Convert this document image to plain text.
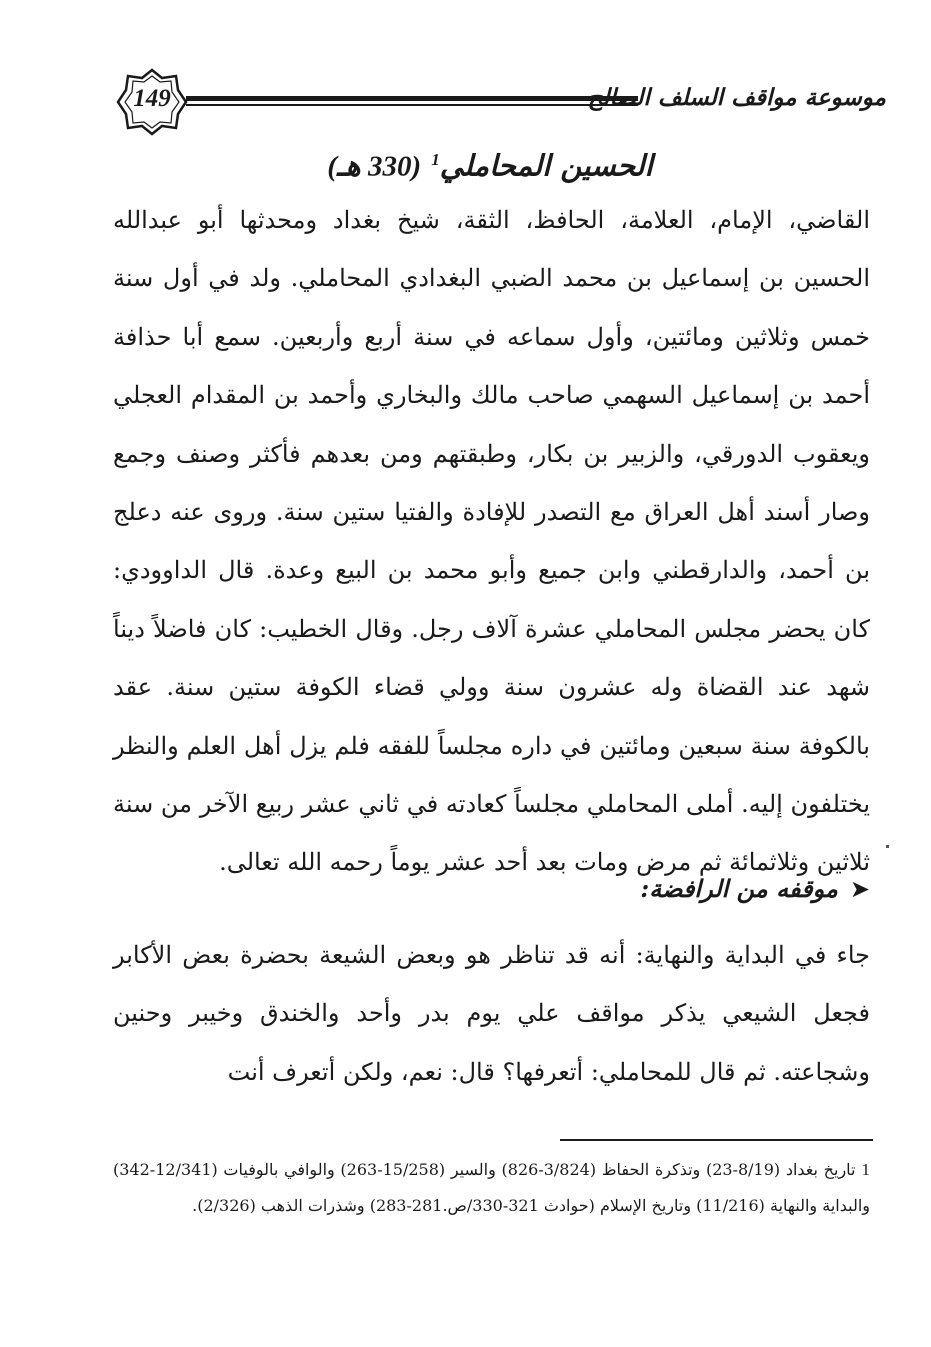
149	موسوعة مواقف السلف الصالح
الحسين المحاملي$^1$ (330 هـ)
القاضي، الإمام، العلامة، الحافظ، الثقة، شيخ بغداد ومحدثها أبو عبدالله الحسين بن إسماعيل بن محمد الضبي البغدادي المحاملي. ولد في أول سنة خمس وثلاثين ومائتين، وأول سماعه في سنة أربع وأربعين. سمع أبا حذافة أحمد بن إسماعيل السهمي صاحب مالك والبخاري وأحمد بن المقدام العجلي ويعقوب الدورقي، والزبير بن بكار، وطبقتهم ومن بعدهم فأكثر وصنف وجمع وصار أسند أهل العراق مع التصدر للإفادة والفتيا ستين سنة. وروى عنه دعلج بن أحمد، والدارقطني وابن جميع وأبو محمد بن البيع وعدة. قال الداوودي: كان يحضر مجلس المحاملي عشرة آلاف رجل. وقال الخطيب: كان فاضلاً ديناً شهد عند القضاة وله عشرون سنة وولي قضاء الكوفة ستين سنة. عقد بالكوفة سنة سبعين ومائتين في داره مجلساً للفقه فلم يزل أهل العلم والنظر يختلفون إليه. أملى المحاملي مجلساً كعادته في ثاني عشر ربيع الآخر من سنة ثلاثين وثلاثمائة ثم مرض ومات بعد أحد عشر يوماً رحمه الله تعالى.
➤موقفه من الرافضة:
جاء في البداية والنهاية: أنه قد تناظر هو وبعض الشيعة بحضرة بعض الأكابر فجعل الشيعي يذكر مواقف علي يوم بدر وأحد والخندق وخيبر وحنين وشجاعته. ثم قال للمحاملي: أتعرفها؟ قال: نعم، ولكن أتعرف أنت
1تاريخ بغداد (8/19-23) وتذكرة الحفاظ (3/824-826) والسير (15/258-263) والوافي بالوفيات (12/341-342) والبداية والنهاية (11/216) وتاريخ الإسلام (حوادث 321-330/ص.281-283) وشذرات الذهب (2/326).
